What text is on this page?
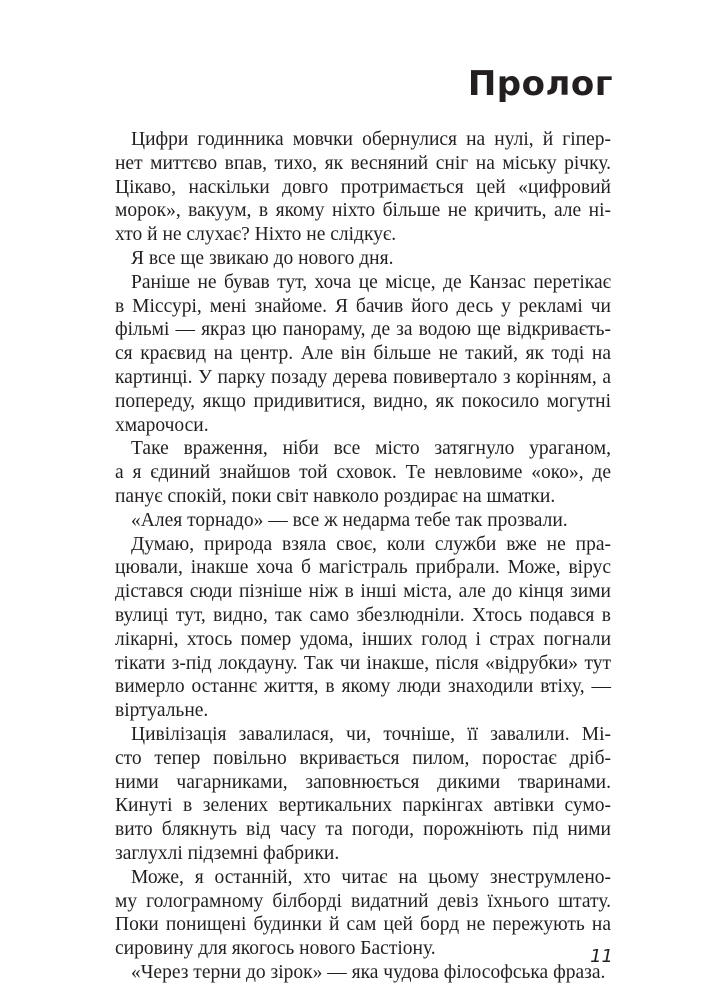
Пролог
Цифри годинника мовчки обернулися на нулі, й гіпер-
нет миттєво впав, тихо, як весняний сніг на міську річку.
Цікаво, наскільки довго протримається цей «цифровий
морок», вакуум, в якому ніхто більше не кричить, але ні-
хто й не слухає? Ніхто не слідкує.
Я все ще звикаю до нового дня.
Раніше не бував тут, хоча це місце, де Канзас перетікає
в Міссурі, мені знайоме. Я бачив його десь у рекламі чи
фільмі — якраз цю панораму, де за водою ще відкриваєть-
ся краєвид на центр. Але він більше не такий, як тоді на
картинці. У парку позаду дерева повивертало з корінням, а
попереду, якщо придивитися, видно, як покосило могутні
хмарочоси.
Таке враження, ніби все місто затягнуло ураганом,
а я єдиний знайшов той сховок. Те невловиме «око», де
панує спокій, поки світ навколо роздирає на шматки.
«Алея торнадо» — все ж недарма тебе так прозвали.
Думаю, природа взяла своє, коли служби вже не пра-
цювали, інакше хоча б магістраль прибрали. Може, вірус
дістався сюди пізніше ніж в інші міста, але до кінця зими
вулиці тут, видно, так само збезлюдніли. Хтось подався в
лікарні, хтось помер удома, інших голод і страх погнали
тікати з-під локдауну. Так чи інакше, після «відрубки» тут
вимерло останнє життя, в якому люди знаходили втіху, —
віртуальне.
Цивілізація завалилася, чи, точніше, її завалили. Мі-
сто тепер повільно вкривається пилом, поростає дріб-
ними чагарниками, заповнюється дикими тваринами.
Кинуті в зелених вертикальних паркінгах автівки сумо-
вито блякнуть від часу та погоди, порожніють під ними
заглухлі підземні фабрики.
Може, я останній, хто читає на цьому знеструмлено-
му голограмному білборді видатний девіз їхнього штату.
Поки понищені будинки й сам цей борд не пережують на
сировину для якогось нового Бастіону.
«Через терни до зірок» — яка чудова філософська фраза.
11
